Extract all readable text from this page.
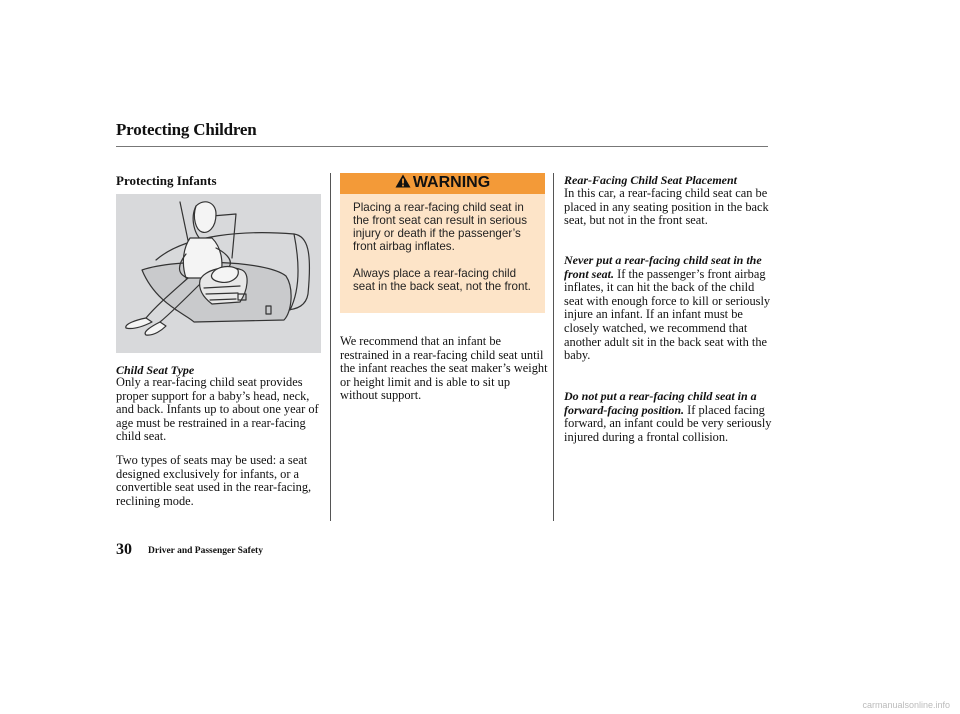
Protecting Children
Protecting Infants
Child Seat Type
Only a rear-facing child seat provides proper support for a baby’s head, neck, and back. Infants up to about one year of age must be restrained in a rear-facing child seat.
Two types of seats may be used: a seat designed exclusively for infants, or a convertible seat used in the rear-facing, reclining mode.
WARNING
Placing a rear-facing child seat in the front seat can result in serious injury or death if the passenger’s front airbag inflates.
Always place a rear-facing child seat in the back seat, not the front.
We recommend that an infant be restrained in a rear-facing child seat until the infant reaches the seat maker’s weight or height limit and is able to sit up without support.
Rear-Facing Child Seat Placement
In this car, a rear-facing child seat can be placed in any seating position in the back seat, but not in the front seat.
Never put a rear-facing child seat in the front seat. If the passenger’s front airbag inflates, it can hit the back of the child seat with enough force to kill or seriously injure an infant. If an infant must be closely watched, we recommend that another adult sit in the back seat with the baby.
Do not put a rear-facing child seat in a forward-facing position. If placed facing forward, an infant could be very seriously injured during a frontal collision.
30 Driver and Passenger Safety
carmanualsonline.info
